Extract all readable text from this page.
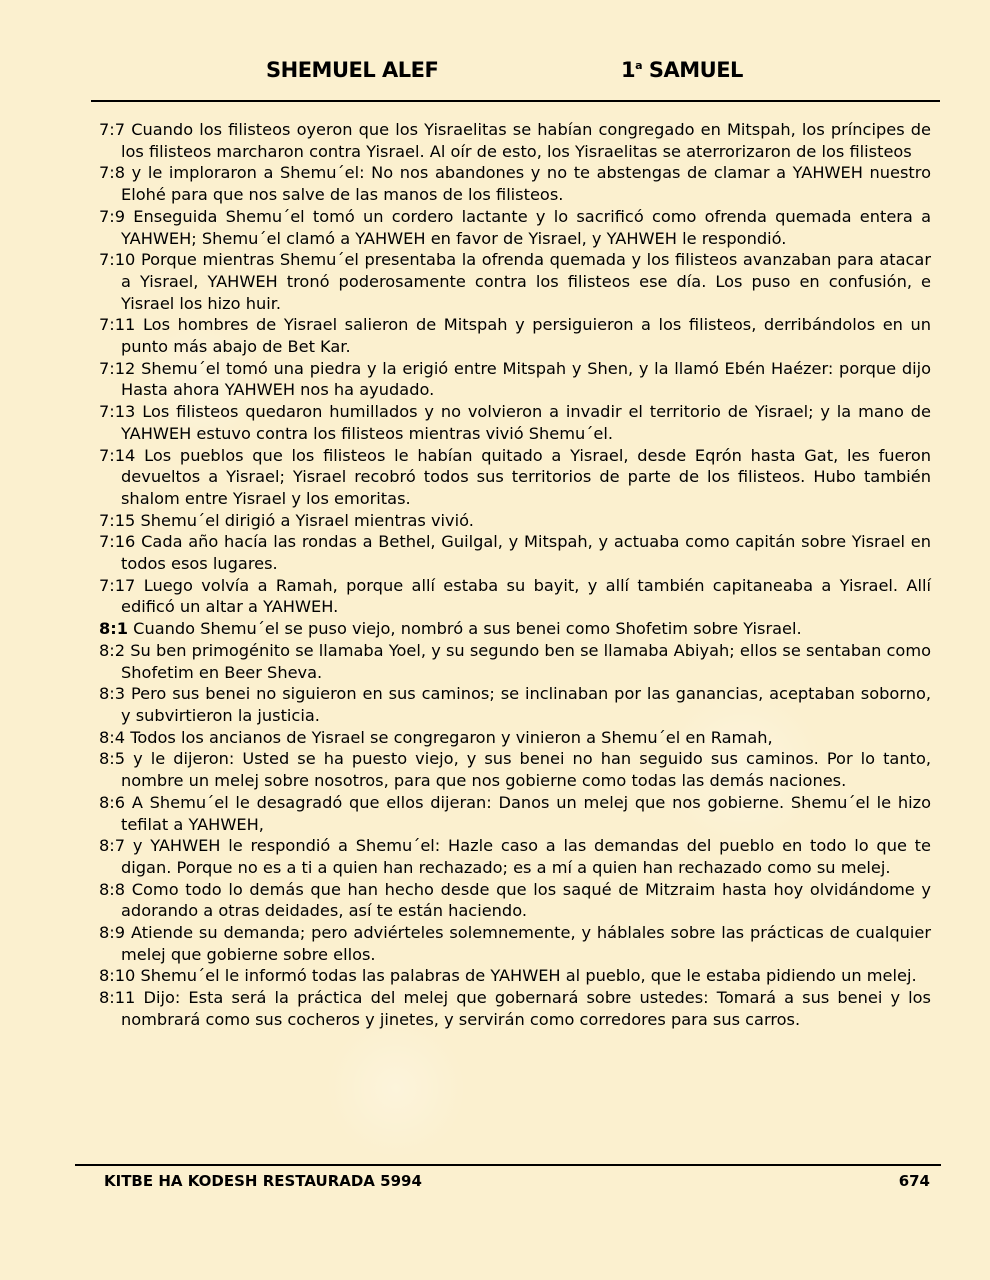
SHEMUEL ALEF	1$^a$ SAMUEL

7:7 Cuando los filisteos oyeron que los Yisraelitas se habían congregado en Mitspah, los príncipes de los filisteos marcharon contra Yisrael. Al oír de esto, los Yisraelitas se aterrorizaron de los filisteos

7:8 y le imploraron a Shemu´el: No nos abandones y no te abstengas de clamar a YAHWEH nuestro Elohé para que nos salve de las manos de los filisteos.

7:9 Enseguida Shemu´el tomó un cordero lactante y lo sacrificó como ofrenda quemada entera a YAHWEH; Shemu´el clamó a YAHWEH en favor de Yisrael, y YAHWEH le respondió.

7:10 Porque mientras Shemu´el presentaba la ofrenda quemada y los filisteos avanzaban para atacar a Yisrael, YAHWEH tronó poderosamente contra los filisteos ese día. Los puso en confusión, e Yisrael los hizo huir.

7:11 Los hombres de Yisrael salieron de Mitspah y persiguieron a los filisteos, derribándolos en un punto más abajo de Bet Kar.

7:12 Shemu´el tomó una piedra y la erigió entre Mitspah y Shen, y la llamó Ebén Haézer: porque dijo Hasta ahora YAHWEH nos ha ayudado.

7:13 Los filisteos quedaron humillados y no volvieron a invadir el territorio de Yisrael; y la mano de YAHWEH estuvo contra los filisteos mientras vivió Shemu´el.

7:14 Los pueblos que los filisteos le habían quitado a Yisrael, desde Eqrón hasta Gat, les fueron devueltos a Yisrael; Yisrael recobró todos sus territorios de parte de los filisteos. Hubo también shalom entre Yisrael y los emoritas.

7:15 Shemu´el dirigió a Yisrael mientras vivió.

7:16 Cada año hacía las rondas a Bethel, Guilgal, y Mitspah, y actuaba como capitán sobre Yisrael en todos esos lugares.

7:17 Luego volvía a Ramah, porque allí estaba su bayit, y allí también capitaneaba a Yisrael. Allí edificó un altar a YAHWEH.

8:1 Cuando Shemu´el se puso viejo, nombró a sus benei como Shofetim sobre Yisrael.

8:2 Su ben primogénito se llamaba Yoel, y su segundo ben se llamaba Abiyah; ellos se sentaban como Shofetim en Beer Sheva.

8:3 Pero sus benei no siguieron en sus caminos; se inclinaban por las ganancias, aceptaban soborno, y subvirtieron la justicia.

8:4 Todos los ancianos de Yisrael se congregaron y vinieron a Shemu´el en Ramah,

8:5 y le dijeron: Usted se ha puesto viejo, y sus benei no han seguido sus caminos. Por lo tanto, nombre un melej sobre nosotros, para que nos gobierne como todas las demás naciones.

8:6 A Shemu´el le desagradó que ellos dijeran: Danos un melej que nos gobierne. Shemu´el le hizo tefilat a YAHWEH,

8:7 y YAHWEH le respondió a Shemu´el: Hazle caso a las demandas del pueblo en todo lo que te digan. Porque no es a ti a quien han rechazado; es a mí a quien han rechazado como su melej.

8:8 Como todo lo demás que han hecho desde que los saqué de Mitzraim hasta hoy olvidándome y adorando a otras deidades, así te están haciendo.

8:9 Atiende su demanda; pero adviérteles solemnemente, y háblales sobre las prácticas de cualquier melej que gobierne sobre ellos.

8:10 Shemu´el le informó todas las palabras de YAHWEH al pueblo, que le estaba pidiendo un melej.

8:11 Dijo: Esta será la práctica del melej que gobernará sobre ustedes: Tomará a sus benei y los nombrará como sus cocheros y jinetes, y servirán como corredores para sus carros.

KITBE HA KODESH RESTAURADA 5994	674
